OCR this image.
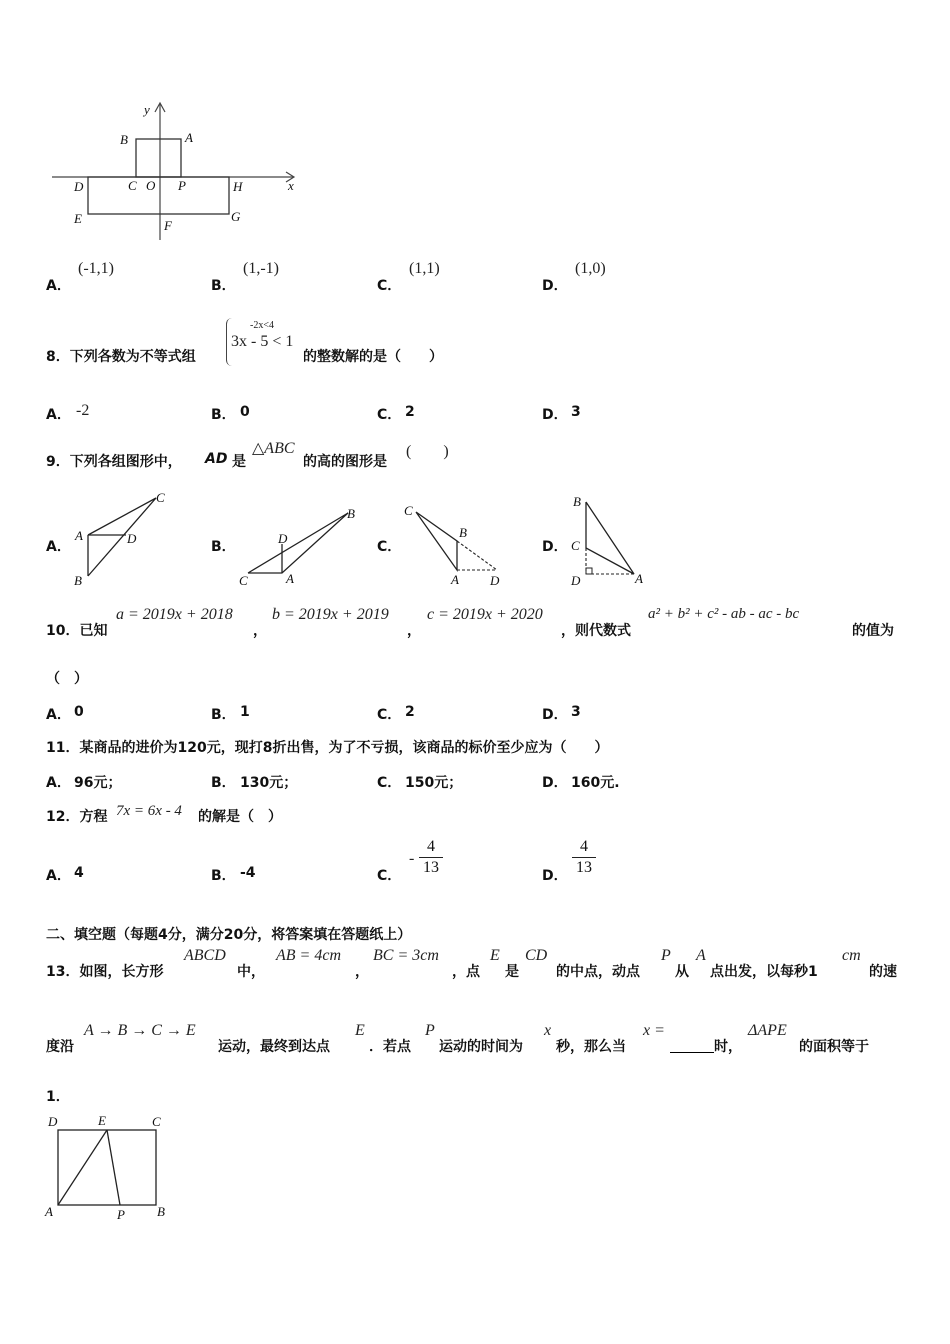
y
x
B	A
D	C O P	H
E	F
G
A．
(-1,1)
B．
(1,-1)
C．
(1,1)
D．
(1,0)
8．下列各数为不等式组
-2x<4
3x - 5 < 1
的整数解的是（　　）
A． -2	B． 0	C． 2	D． 3
9．下列各组图形中， AD 是
△ABC
的高的图形是
(　　)
A．	B．	C．	D．
C
A	D
B
D
B
C	A
C
B
A D
B
C
D	A
10．已知
a = 2019x + 2018
，
b = 2019x + 2019
，
c = 2019x + 2020
，则代数式
a² + b² + c² - ab - ac - bc
的值为
（　）
A． 0	B． 1	C． 2	D． 3
11．某商品的进价为120元，现打8折出售，为了不亏损，该商品的标价至少应为（　　）
A． 96元；	B． 130元；	C． 150元；	D． 160元.
12．方程 7x = 6x - 4 的解是（　）
A． 4	B． -4	C．
-
4
13	D．
4
13
二、填空题（每题4分，满分20分，将答案填在答题纸上）
13．如图，长方形
ABCD
中，
AB = 4cm
，
BC = 3cm
，点
E
是
CD
的中点，动点
P
从
A
点出发，以每秒1
cm
的速
度沿
A → B → C → E
运动，最终到达点
E
．若点
P
运动的时间为
x
秒，那么当
x =
时，
ΔAPE
的面积等于
1．
D	E	C
A	P B
